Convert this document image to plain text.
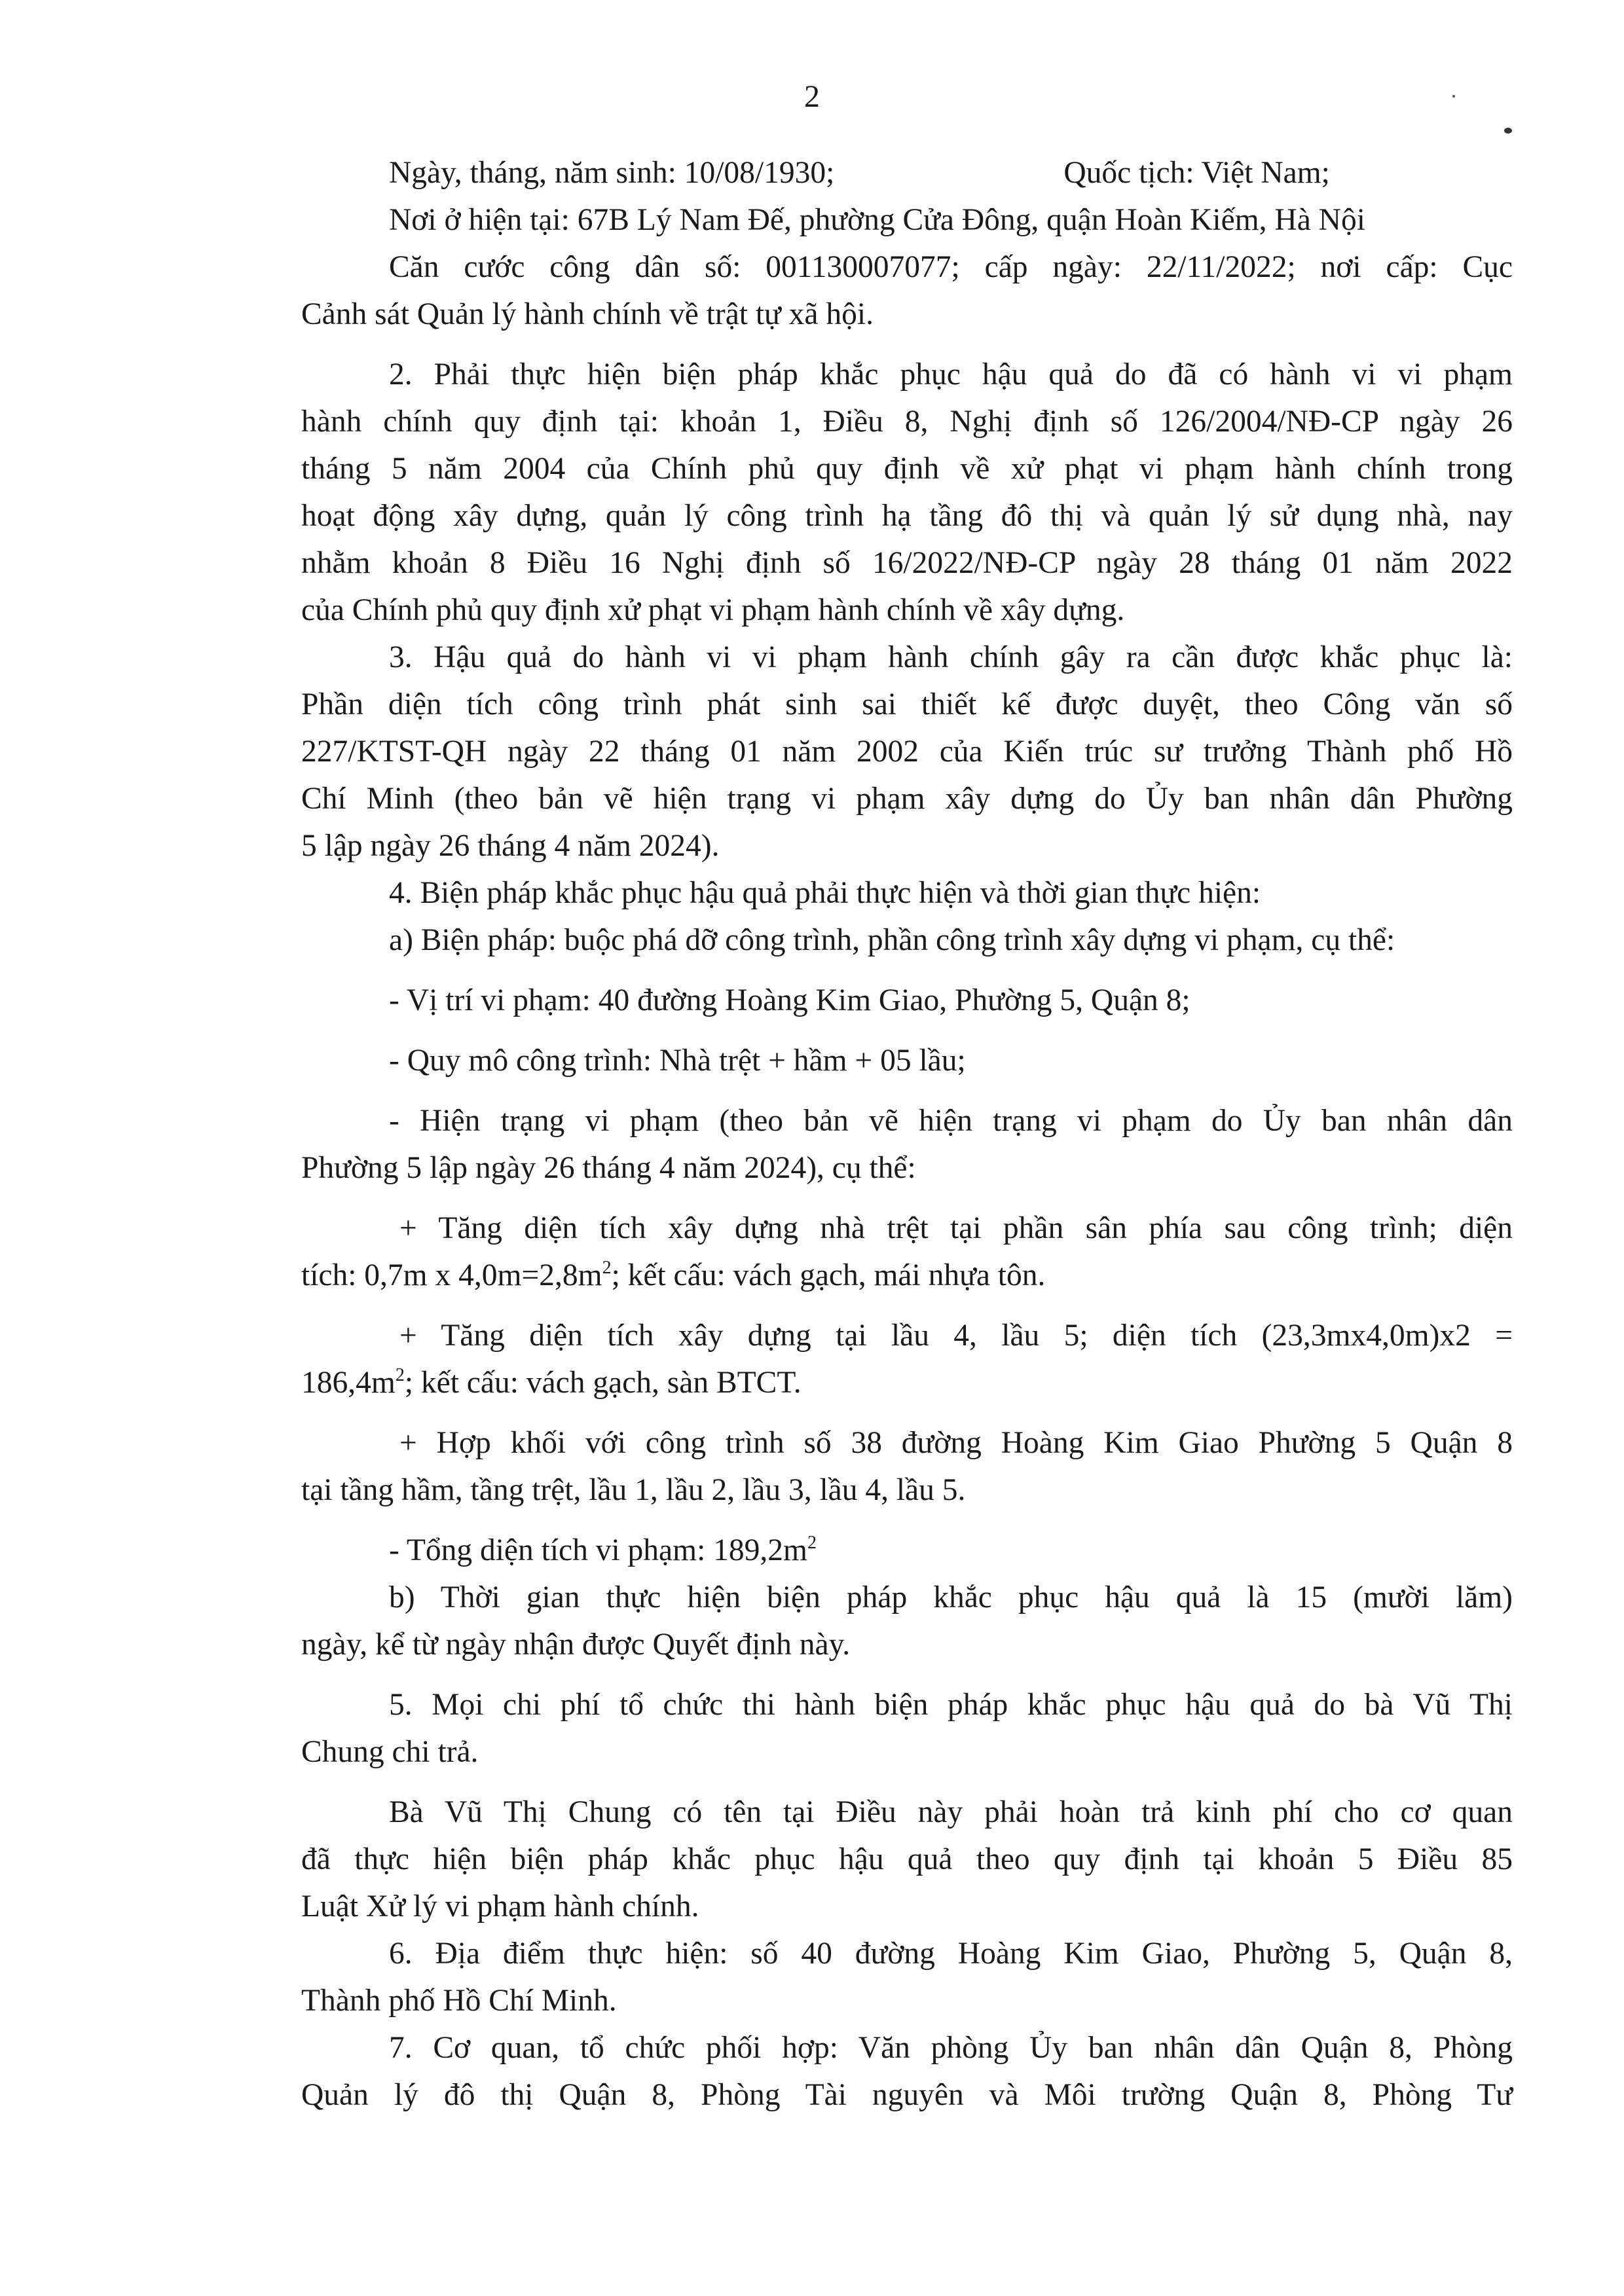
2
Ngày, tháng, năm sinh: 10/08/1930;	Quốc tịch: Việt Nam;
Nơi ở hiện tại: 67B Lý Nam Đế, phường Cửa Đông, quận Hoàn Kiếm, Hà Nội
Căn cước công dân số: 001130007077; cấp ngày: 22/11/2022; nơi cấp: Cục
Cảnh sát Quản lý hành chính về trật tự xã hội.
2. Phải thực hiện biện pháp khắc phục hậu quả do đã có hành vi vi phạm
hành chính quy định tại: khoản 1, Điều 8, Nghị định số 126/2004/NĐ-CP ngày 26
tháng 5 năm 2004 của Chính phủ quy định về xử phạt vi phạm hành chính trong
hoạt động xây dựng, quản lý công trình hạ tầng đô thị và quản lý sử dụng nhà, nay
nhằm khoản 8 Điều 16 Nghị định số 16/2022/NĐ-CP ngày 28 tháng 01 năm 2022
của Chính phủ quy định xử phạt vi phạm hành chính về xây dựng.
3. Hậu quả do hành vi vi phạm hành chính gây ra cần được khắc phục là:
Phần diện tích công trình phát sinh sai thiết kế được duyệt, theo Công văn số
227/KTST-QH ngày 22 tháng 01 năm 2002 của Kiến trúc sư trưởng Thành phố Hồ
Chí Minh (theo bản vẽ hiện trạng vi phạm xây dựng do Ủy ban nhân dân Phường
5 lập ngày 26 tháng 4 năm 2024).
4. Biện pháp khắc phục hậu quả phải thực hiện và thời gian thực hiện:
a) Biện pháp: buộc phá dỡ công trình, phần công trình xây dựng vi phạm, cụ thể:
- Vị trí vi phạm: 40 đường Hoàng Kim Giao, Phường 5, Quận 8;
- Quy mô công trình: Nhà trệt + hầm + 05 lầu;
- Hiện trạng vi phạm (theo bản vẽ hiện trạng vi phạm do Ủy ban nhân dân
Phường 5 lập ngày 26 tháng 4 năm 2024), cụ thể:
+ Tăng diện tích xây dựng nhà trệt tại phần sân phía sau công trình; diện
tích: 0,7m x $4,0m=2,8m^2$; kết cấu: vách gạch, mái nhựa tôn.
+ Tăng diện tích xây dựng tại lầu 4, lầu 5; diện tích (23,3mx4,0m)x2 =
$186,4m^2$; kết cấu: vách gạch, sàn BTCT.
+ Hợp khối với công trình số 38 đường Hoàng Kim Giao Phường 5 Quận 8
tại tầng hầm, tầng trệt, lầu 1, lầu 2, lầu 3, lầu 4, lầu 5.
- Tổng diện tích vi phạm: $189,2m^2$
b) Thời gian thực hiện biện pháp khắc phục hậu quả là 15 (mười lăm)
ngày, kể từ ngày nhận được Quyết định này.
5. Mọi chi phí tổ chức thi hành biện pháp khắc phục hậu quả do bà Vũ Thị
Chung chi trả.
Bà Vũ Thị Chung có tên tại Điều này phải hoàn trả kinh phí cho cơ quan
đã thực hiện biện pháp khắc phục hậu quả theo quy định tại khoản 5 Điều 85
Luật Xử lý vi phạm hành chính.
6. Địa điểm thực hiện: số 40 đường Hoàng Kim Giao, Phường 5, Quận 8,
Thành phố Hồ Chí Minh.
7. Cơ quan, tổ chức phối hợp: Văn phòng Ủy ban nhân dân Quận 8, Phòng
Quản lý đô thị Quận 8, Phòng Tài nguyên và Môi trường Quận 8, Phòng Tư
